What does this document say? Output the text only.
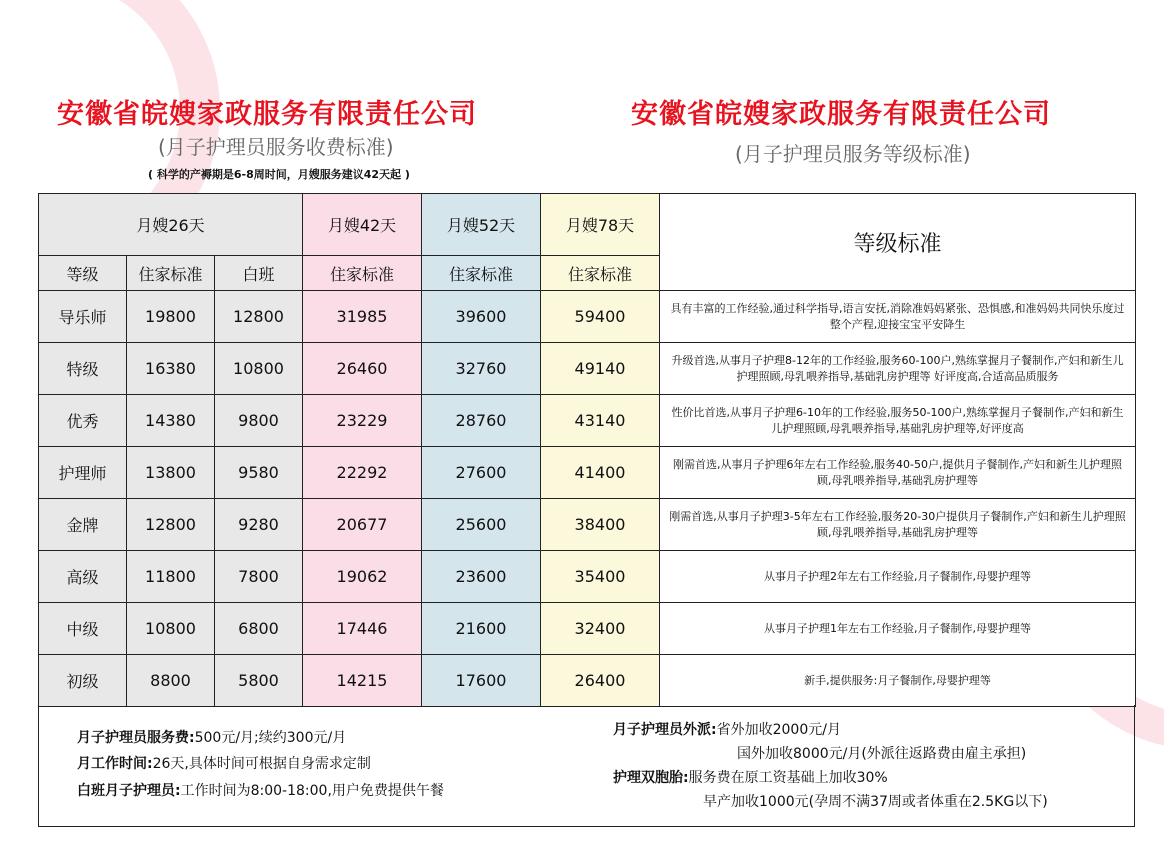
安徽省皖嫂家政服务有限责任公司
(月子护理员服务收费标准)
( 科学的产褥期是6-8周时间，月嫂服务建议42天起 )
安徽省皖嫂家政服务有限责任公司
(月子护理员服务等级标准)
月嫂26天			月嫂42天	月嫂52天	月嫂78天	等级标准
等级	住家标准	白班	住家标准	住家标准	住家标准	
导乐师	19800	12800	31985	39600	59400	具有丰富的工作经验,通过科学指导,语言安抚,消除准妈妈紧张、恐惧感,和准妈妈共同快乐度过整个产程,迎接宝宝平安降生
特级	16380	10800	26460	32760	49140	升级首选,从事月子护理8-12年的工作经验,服务60-100户,熟练掌握月子餐制作,产妇和新生儿护理照顾,母乳喂养指导,基础乳房护理等 好评度高,合适高品质服务
优秀	14380	9800	23229	28760	43140	性价比首选,从事月子护理6-10年的工作经验,服务50-100户,熟练掌握月子餐制作,产妇和新生儿护理照顾,母乳喂养指导,基础乳房护理等,好评度高
护理师	13800	9580	22292	27600	41400	刚需首选,从事月子护理6年左右工作经验,服务40-50户,提供月子餐制作,产妇和新生儿护理照顾,母乳喂养指导,基础乳房护理等
金牌	12800	9280	20677	25600	38400	刚需首选,从事月子护理3-5年左右工作经验,服务20-30户提供月子餐制作,产妇和新生儿护理照顾,母乳喂养指导,基础乳房护理等
高级	11800	7800	19062	23600	35400	从事月子护理2年左右工作经验,月子餐制作,母婴护理等
中级	10800	6800	17446	21600	32400	从事月子护理1年左右工作经验,月子餐制作,母婴护理等
初级	8800	5800	14215	17600	26400	新手,提供服务:月子餐制作,母婴护理等
月子护理员服务费:500元/月;续约300元/月
月工作时间:26天,具体时间可根据自身需求定制
白班月子护理员:工作时间为8:00-18:00,用户免费提供午餐
月子护理员外派:省外加收2000元/月
国外加收8000元/月(外派往返路费由雇主承担)
护理双胞胎:服务费在原工资基础上加收30%
早产加收1000元(孕周不满37周或者体重在2.5KG以下)
